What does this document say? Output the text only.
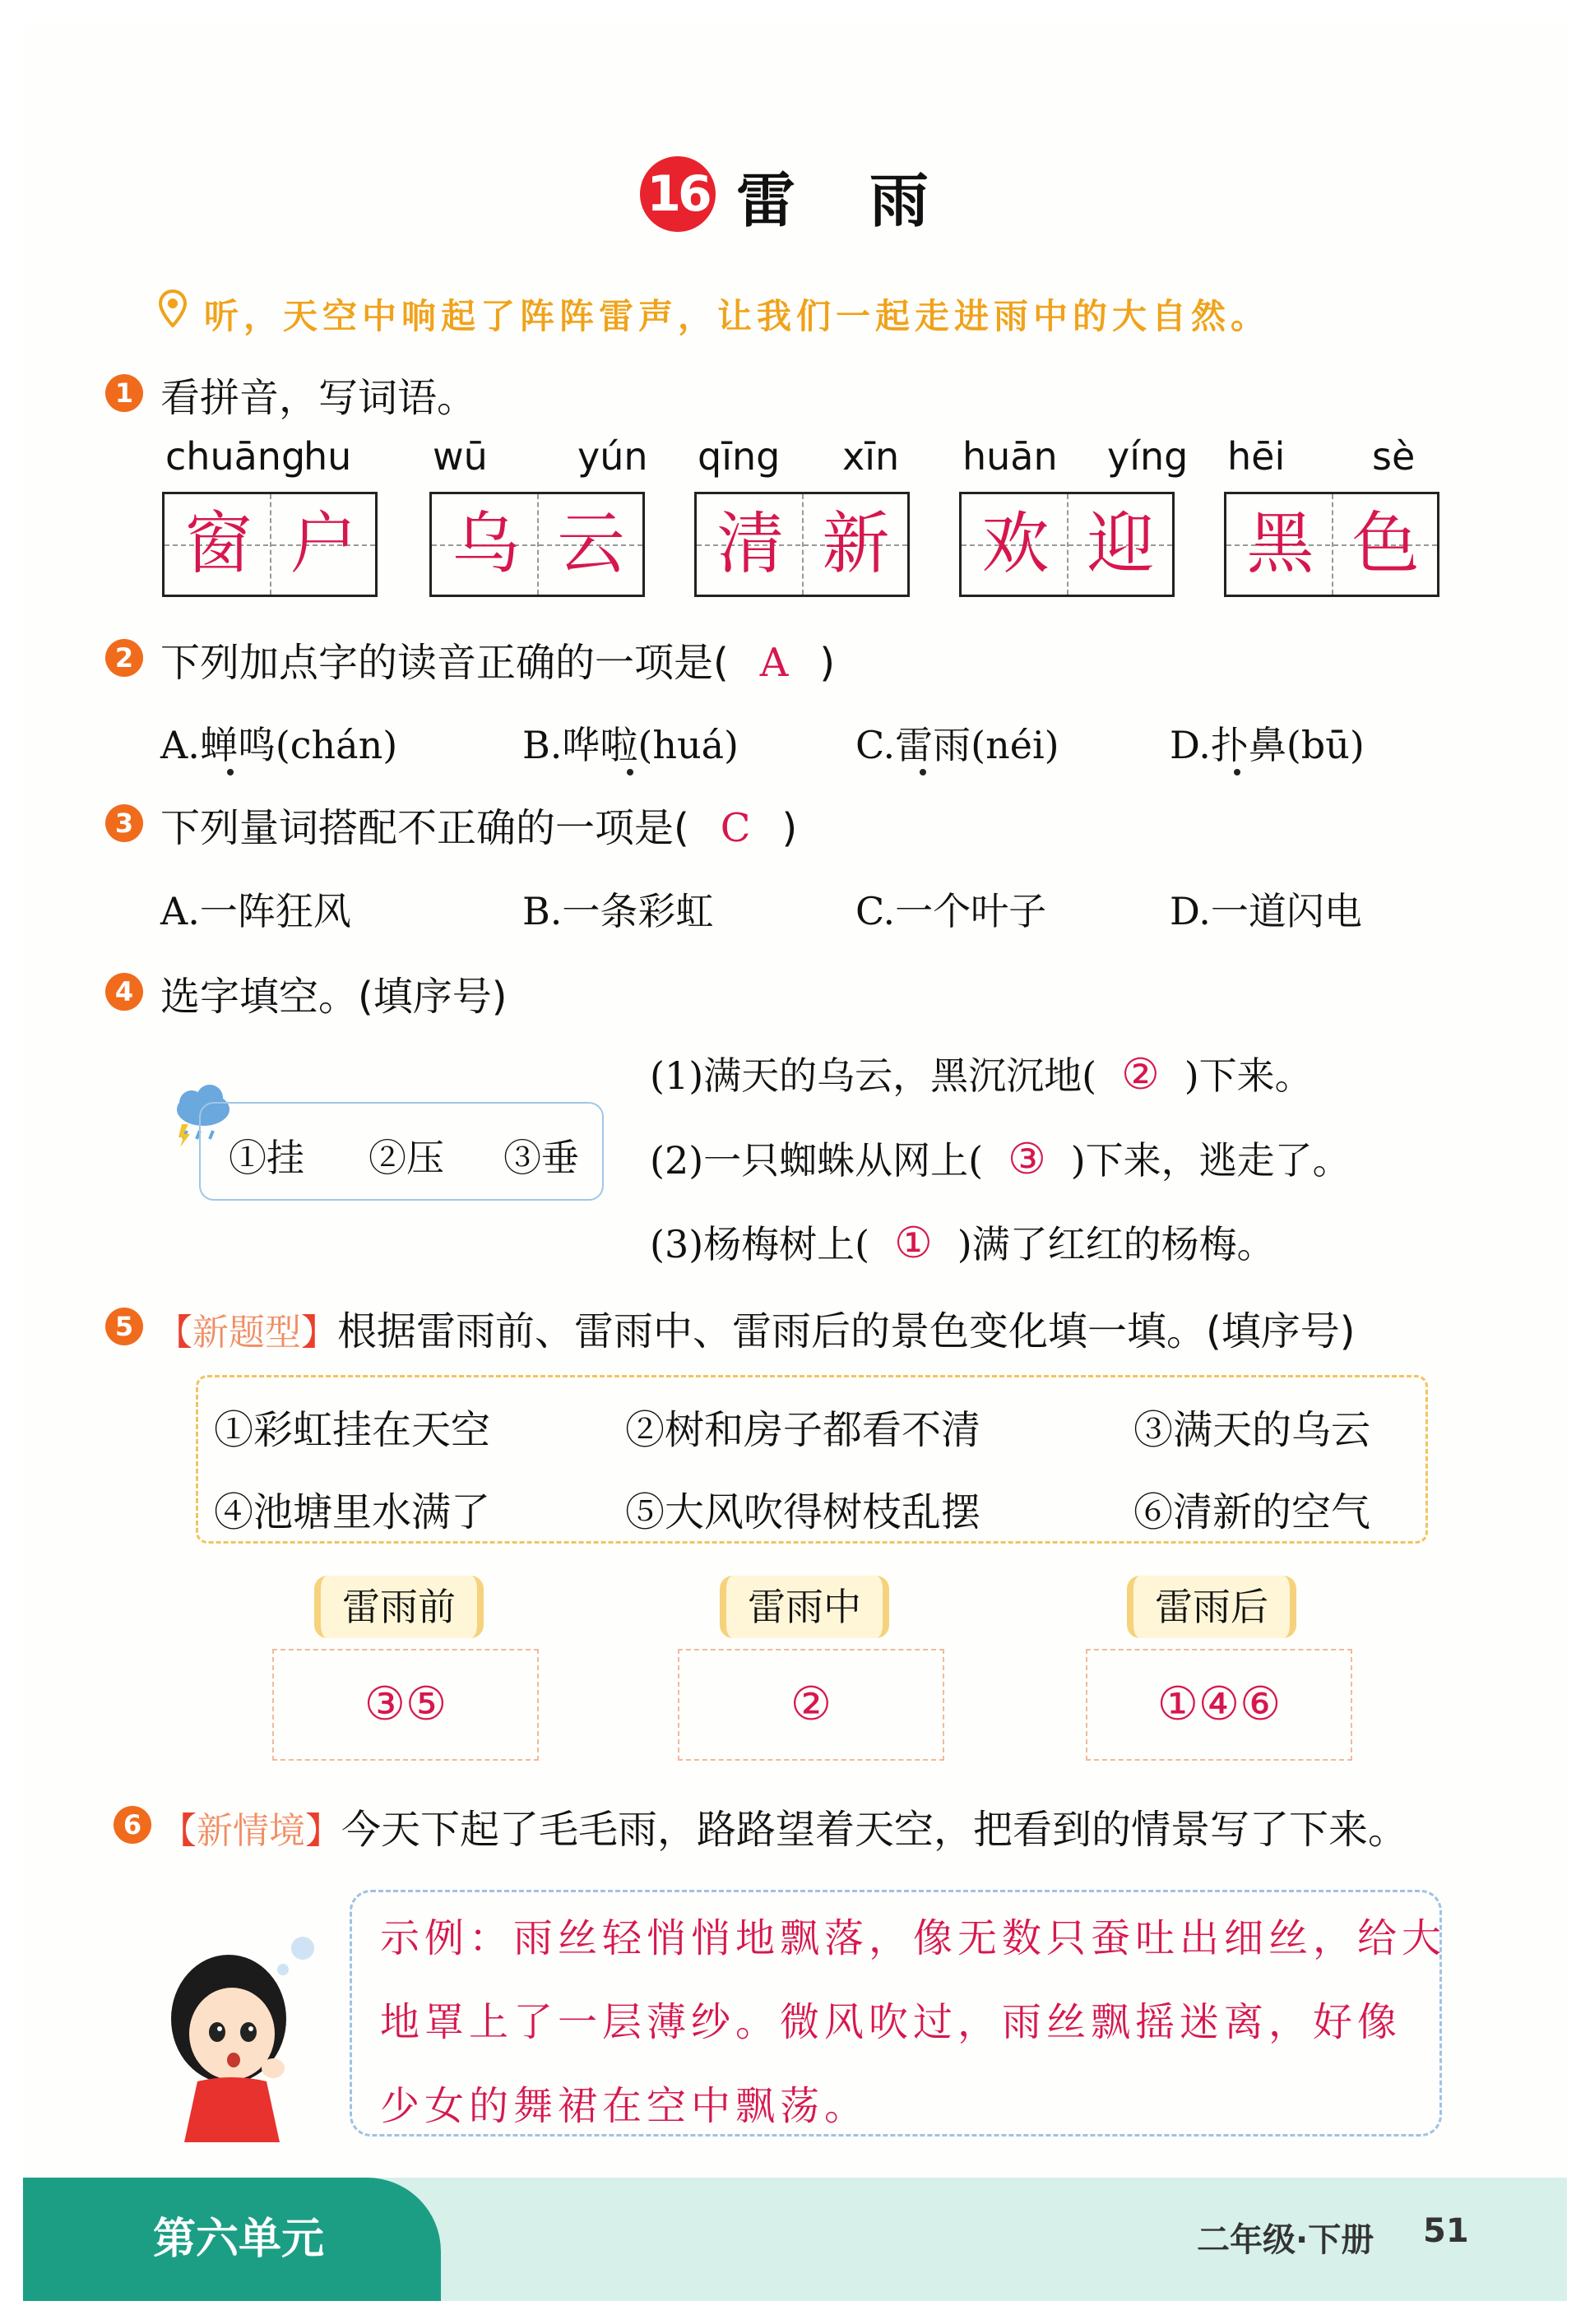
16 雷雨
听，天空中响起了阵阵雷声，让我们一起走进雨中的大自然。
1 看拼音，写词语。
chuāng
hu
窗 户
wū yún
乌 云
qīng xīn
清 新
huān yíng
欢 迎
hēi sè
黑 色
2 下列加点字的读音正确的一项是( A )
A.蝉鸣(chán)	B.哗啦(huá)	C.雷雨(néi)	D.扑鼻(bū)
3 下列量词搭配不正确的一项是( C )
A.一阵狂风	B.一条彩虹	C.一个叶子	D.一道闪电
4 选字填空。(填序号)
①挂 ②压 ③垂
(1)满天的乌云，黑沉沉地( ② )下来。
(2)一只蜘蛛从网上( ③ )下来，逃走了。
(3)杨梅树上( ① )满了红红的杨梅。
5 【新题型】根据雷雨前、雷雨中、雷雨后的景色变化填一填。(填序号)
①彩虹挂在天空	②树和房子都看不清	③满天的乌云
④池塘里水满了	⑤大风吹得树枝乱摆	⑥清新的空气
雷雨前	雷雨中	雷雨后
③⑤	②	①④⑥
6 【新情境】今天下起了毛毛雨，路路望着天空，把看到的情景写了下来。
示例：雨丝轻悄悄地飘落，像无数只蚕吐出细丝，给大
地罩上了一层薄纱。微风吹过，雨丝飘摇迷离，好像
少女的舞裙在空中飘荡。
第六单元	二年级·下册 51
